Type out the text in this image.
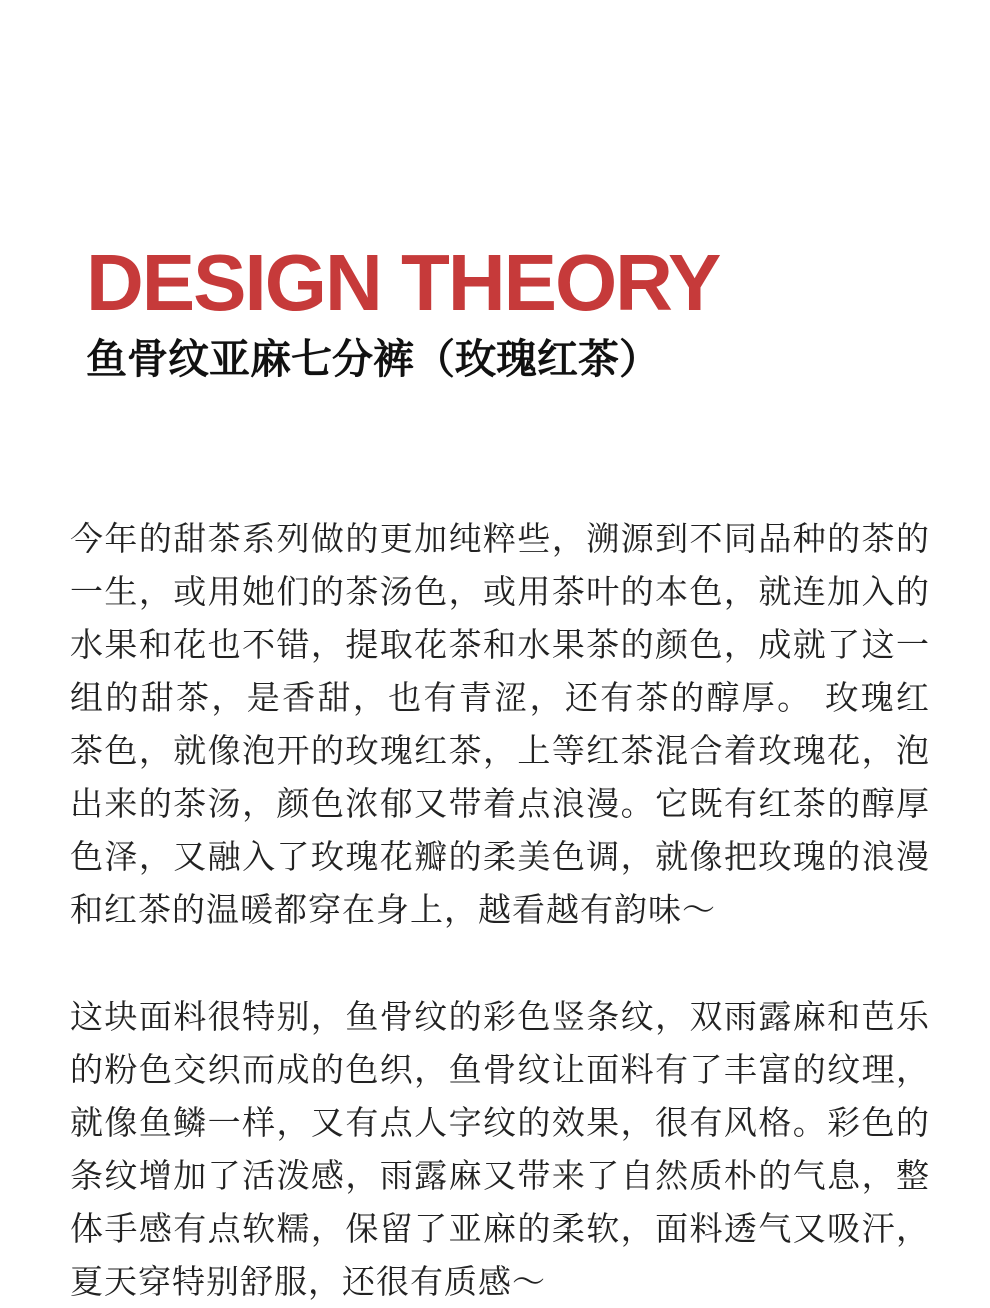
DESIGN THEORY
鱼骨纹亚麻七分裤（玫瑰红茶）

今年的甜茶系列做的更加纯粹些，溯源到不同品种的茶的一生，或用她们的茶汤色，或用茶叶的本色，就连加入的水果和花也不错，提取花茶和水果茶的颜色，成就了这一组的甜茶，是香甜，也有青涩，还有茶的醇厚。 玫瑰红茶色，就像泡开的玫瑰红茶，上等红茶混合着玫瑰花，泡出来的茶汤，颜色浓郁又带着点浪漫。它既有红茶的醇厚色泽，又融入了玫瑰花瓣的柔美色调，就像把玫瑰的浪漫和红茶的温暖都穿在身上，越看越有韵味～

这块面料很特别，鱼骨纹的彩色竖条纹，双雨露麻和芭乐的粉色交织而成的色织，鱼骨纹让面料有了丰富的纹理，就像鱼鳞一样，又有点人字纹的效果，很有风格。彩色的条纹增加了活泼感，雨露麻又带来了自然质朴的气息，整体手感有点软糯，保留了亚麻的柔软，面料透气又吸汗，夏天穿特别舒服，还很有质感～
